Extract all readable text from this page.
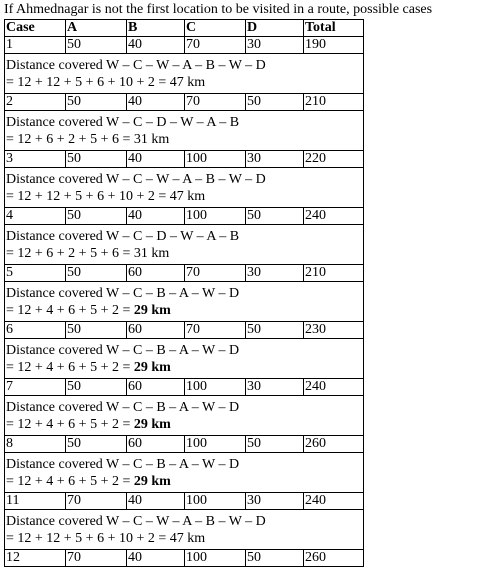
If Ahmednagar is not the first location to be visited in a route, possible cases
Case	A	B	C	D	Total
1	50	40	70	30	190

Distance covered W – C – W – A – B – W – D
= 12 + 12 + 5 + 6 + 10 + 2 = 47 km					

2	50	40	70	50	210

Distance covered W – C – D – W – A – B
= 12 + 6 + 2 + 5 + 6 = 31 km					

3	50	40	100	30	220

Distance covered W – C – W – A – B – W – D
= 12 + 12 + 5 + 6 + 10 + 2 = 47 km					

4	50	40	100	50	240

Distance covered W – C – D – W – A – B
= 12 + 6 + 2 + 5 + 6 = 31 km					

5	50	60	70	30	210

Distance covered W – C – B – A – W – D
= 12 + 4 + 6 + 5 + 2 = 29 km					

6	50	60	70	50	230

Distance covered W – C – B – A – W – D
= 12 + 4 + 6 + 5 + 2 = 29 km					

7	50	60	100	30	240

Distance covered W – C – B – A – W – D
= 12 + 4 + 6 + 5 + 2 = 29 km					

8	50	60	100	50	260

Distance covered W – C – B – A – W – D
= 12 + 4 + 6 + 5 + 2 = 29 km					

11	70	40	100	30	240

Distance covered W – C – W – A – B – W – D
= 12 + 12 + 5 + 6 + 10 + 2 = 47 km					

12	70	40	100	50	260
